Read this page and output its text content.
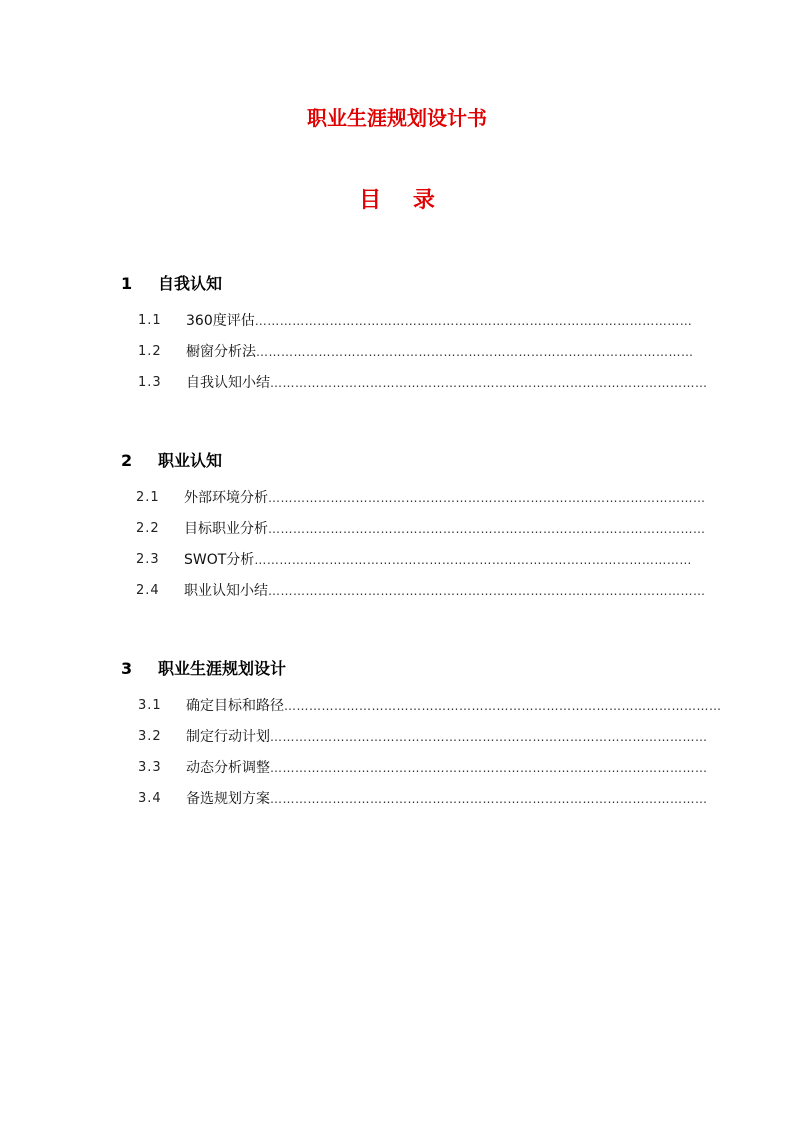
职业生涯规划设计书
目 录
1 自我认知
1.1 360度评估 ……………………………………………………………………………………………
1.2 橱窗分析法 ……………………………………………………………………………………………
1.3 自我认知小结 ……………………………………………………………………………………………
2 职业认知
2.1 外部环境分析 ……………………………………………………………………………………………
2.2 目标职业分析 ……………………………………………………………………………………………
2.3 SWOT分析 ……………………………………………………………………………………………
2.4 职业认知小结 ……………………………………………………………………………………………
3 职业生涯规划设计
3.1 确定目标和路径 ……………………………………………………………………………………………
3.2 制定行动计划 ……………………………………………………………………………………………
3.3 动态分析调整 ……………………………………………………………………………………………
3.4 备选规划方案 ……………………………………………………………………………………………
